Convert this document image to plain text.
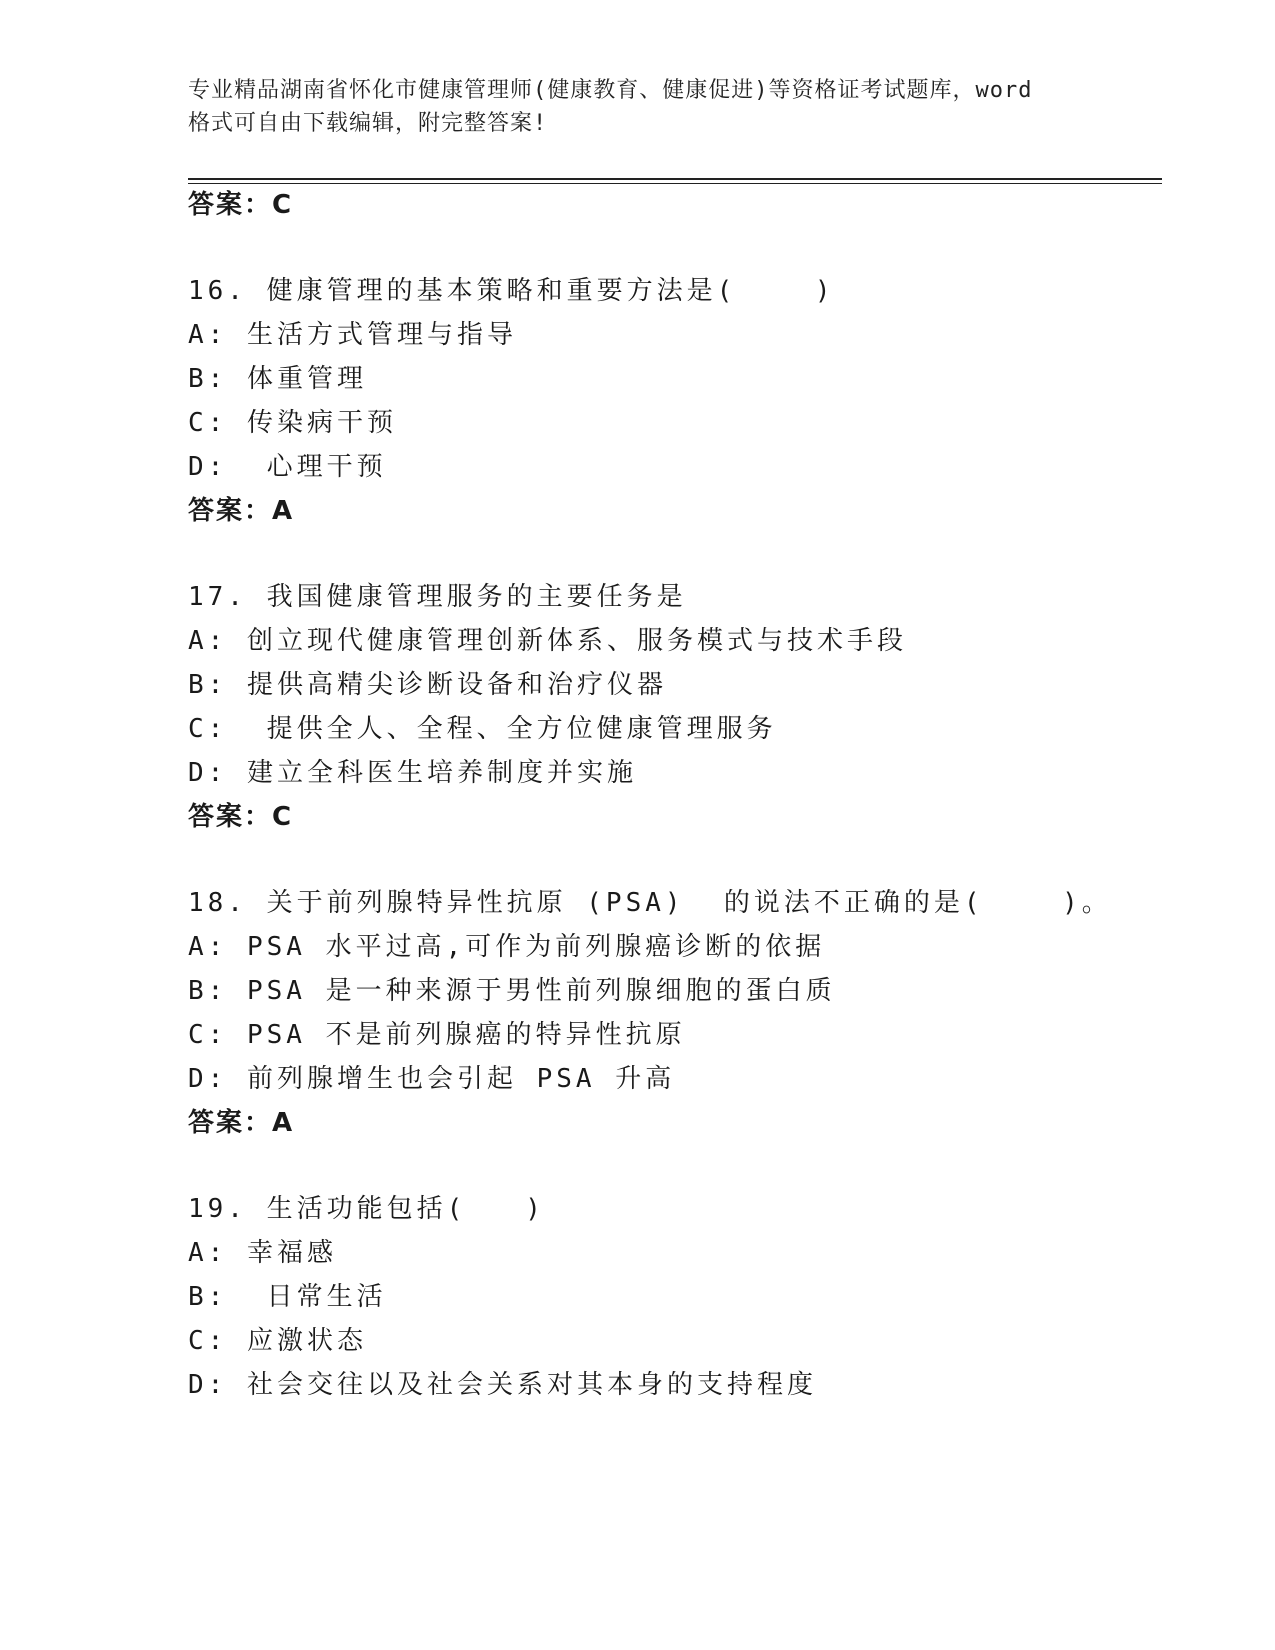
专业精品湖南省怀化市健康管理师(健康教育、健康促进)等资格证考试题库，word
格式可自由下载编辑，附完整答案!
答案：C
16. 健康管理的基本策略和重要方法是(    )
A: 生活方式管理与指导
B: 体重管理
C: 传染病干预
D:  心理干预
答案：A
17. 我国健康管理服务的主要任务是
A: 创立现代健康管理创新体系、服务模式与技术手段
B: 提供高精尖诊断设备和治疗仪器
C:  提供全人、全程、全方位健康管理服务
D: 建立全科医生培养制度并实施
答案：C
18. 关于前列腺特异性抗原 (PSA)  的说法不正确的是(    )。
A: PSA 水平过高,可作为前列腺癌诊断的依据
B: PSA 是一种来源于男性前列腺细胞的蛋白质
C: PSA 不是前列腺癌的特异性抗原
D: 前列腺增生也会引起 PSA 升高
答案：A
19. 生活功能包括(   )
A: 幸福感
B:  日常生活
C: 应激状态
D: 社会交往以及社会关系对其本身的支持程度
